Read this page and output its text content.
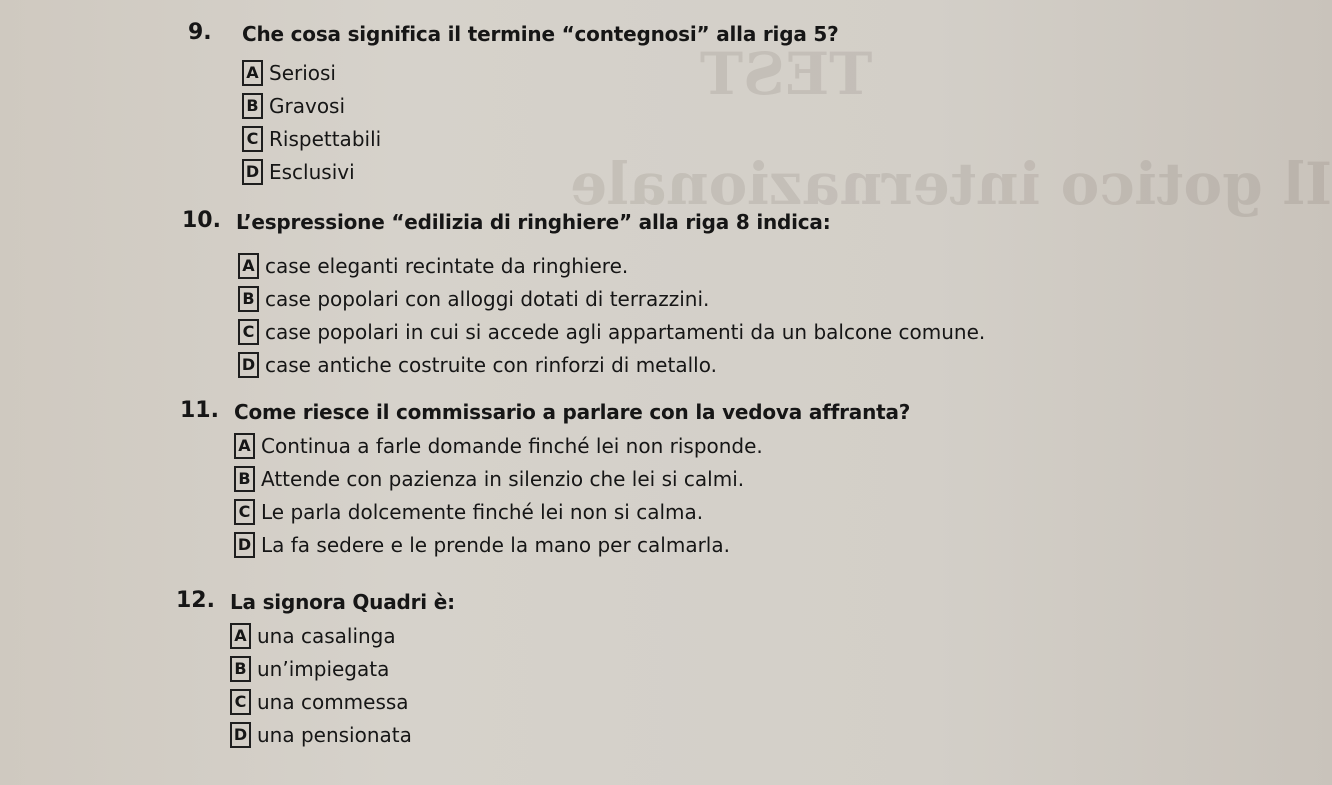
TEST
Il gotico internazionale
9. Che cosa significa il termine “contegnosi” alla riga 5?
A Seriosi
B Gravosi
C Rispettabili
D Esclusivi
10. L’espressione “edilizia di ringhiere” alla riga 8 indica:
A case eleganti recintate da ringhiere.
B case popolari con alloggi dotati di terrazzini.
C case popolari in cui si accede agli appartamenti da un balcone comune.
D case antiche costruite con rinforzi di metallo.
11. Come riesce il commissario a parlare con la vedova affranta?
A Continua a farle domande finché lei non risponde.
B Attende con pazienza in silenzio che lei si calmi.
C Le parla dolcemente finché lei non si calma.
D La fa sedere e le prende la mano per calmarla.
12. La signora Quadri è:
A una casalinga
B un’impiegata
C una commessa
D una pensionata
